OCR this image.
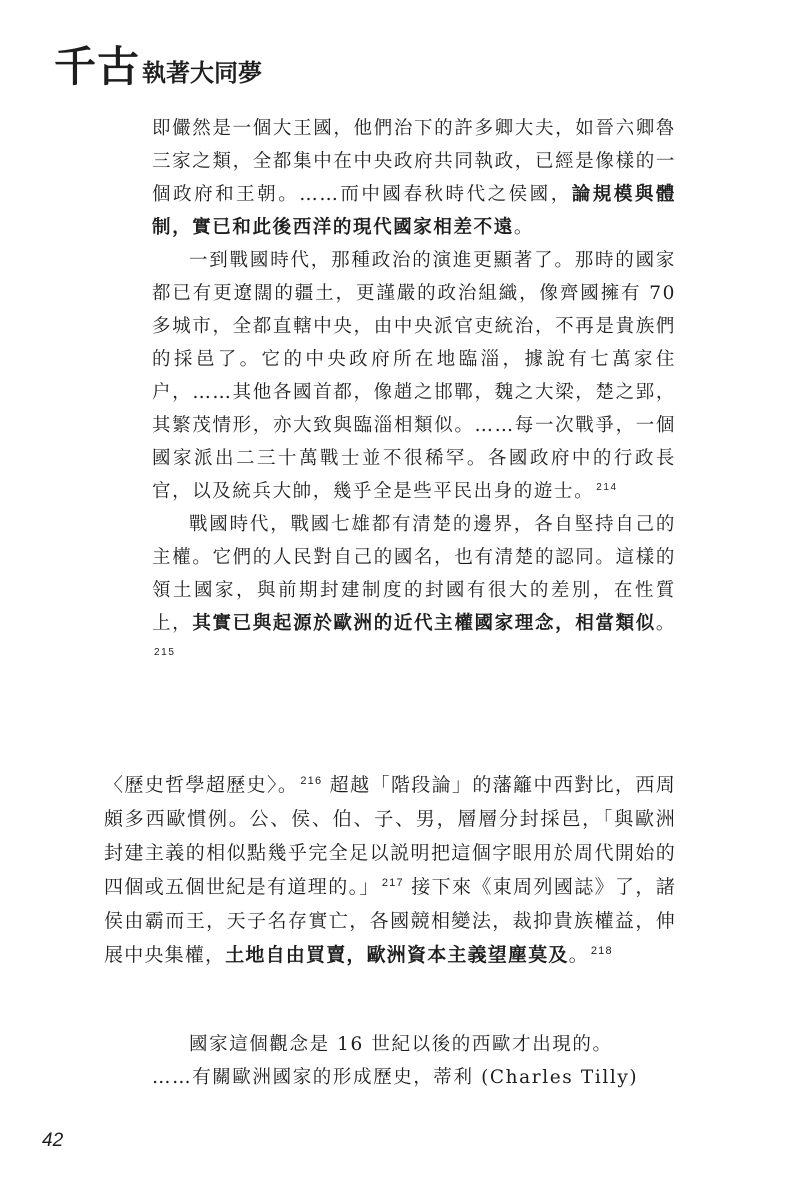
千古執著大同夢

即儼然是一個大王國，他們治下的許多卿大夫，如晉六卿魯三家之類，全都集中在中央政府共同執政，已經是像樣的一個政府和王朝。……而中國春秋時代之侯國，論規模與體制，實已和此後西洋的現代國家相差不遠。

一到戰國時代，那種政治的演進更顯著了。那時的國家都已有更遼闊的疆土，更謹嚴的政治組織，像齊國擁有 70 多城市，全都直轄中央，由中央派官吏統治，不再是貴族們的採邑了。它的中央政府所在地臨淄，據說有七萬家住户，……其他各國首都，像趙之邯鄲，魏之大梁，楚之郢，其繁茂情形，亦大致與臨淄相類似。……每一次戰爭，一個國家派出二三十萬戰士並不很稀罕。各國政府中的行政長官，以及統兵大帥，幾乎全是些平民出身的遊士。 $^{214}$

戰國時代，戰國七雄都有清楚的邊界，各自堅持自己的主權。它們的人民對自己的國名，也有清楚的認同。這樣的領土國家，與前期封建制度的封國有很大的差別，在性質上，其實已與起源於歐洲的近代主權國家理念，相當類似。$^{215}$

〈歷史哲學超歷史〉。 $^{216}$ 超越「階段論」的藩籬中西對比，西周頗多西歐慣例。公、侯、伯、子、男，層層分封採邑，「與歐洲封建主義的相似點幾乎完全足以説明把這個字眼用於周代開始的四個或五個世紀是有道理的。」 $^{217}$ 接下來《東周列國誌》了，諸侯由霸而王，天子名存實亡，各國競相變法，裁抑貴族權益，伸展中央集權，土地自由買賣，歐洲資本主義望塵莫及。 $^{218}$

國家這個觀念是 16 世紀以後的西歐才出現的。

……有關歐洲國家的形成歷史，蒂利 (Charles Tilly)

42
